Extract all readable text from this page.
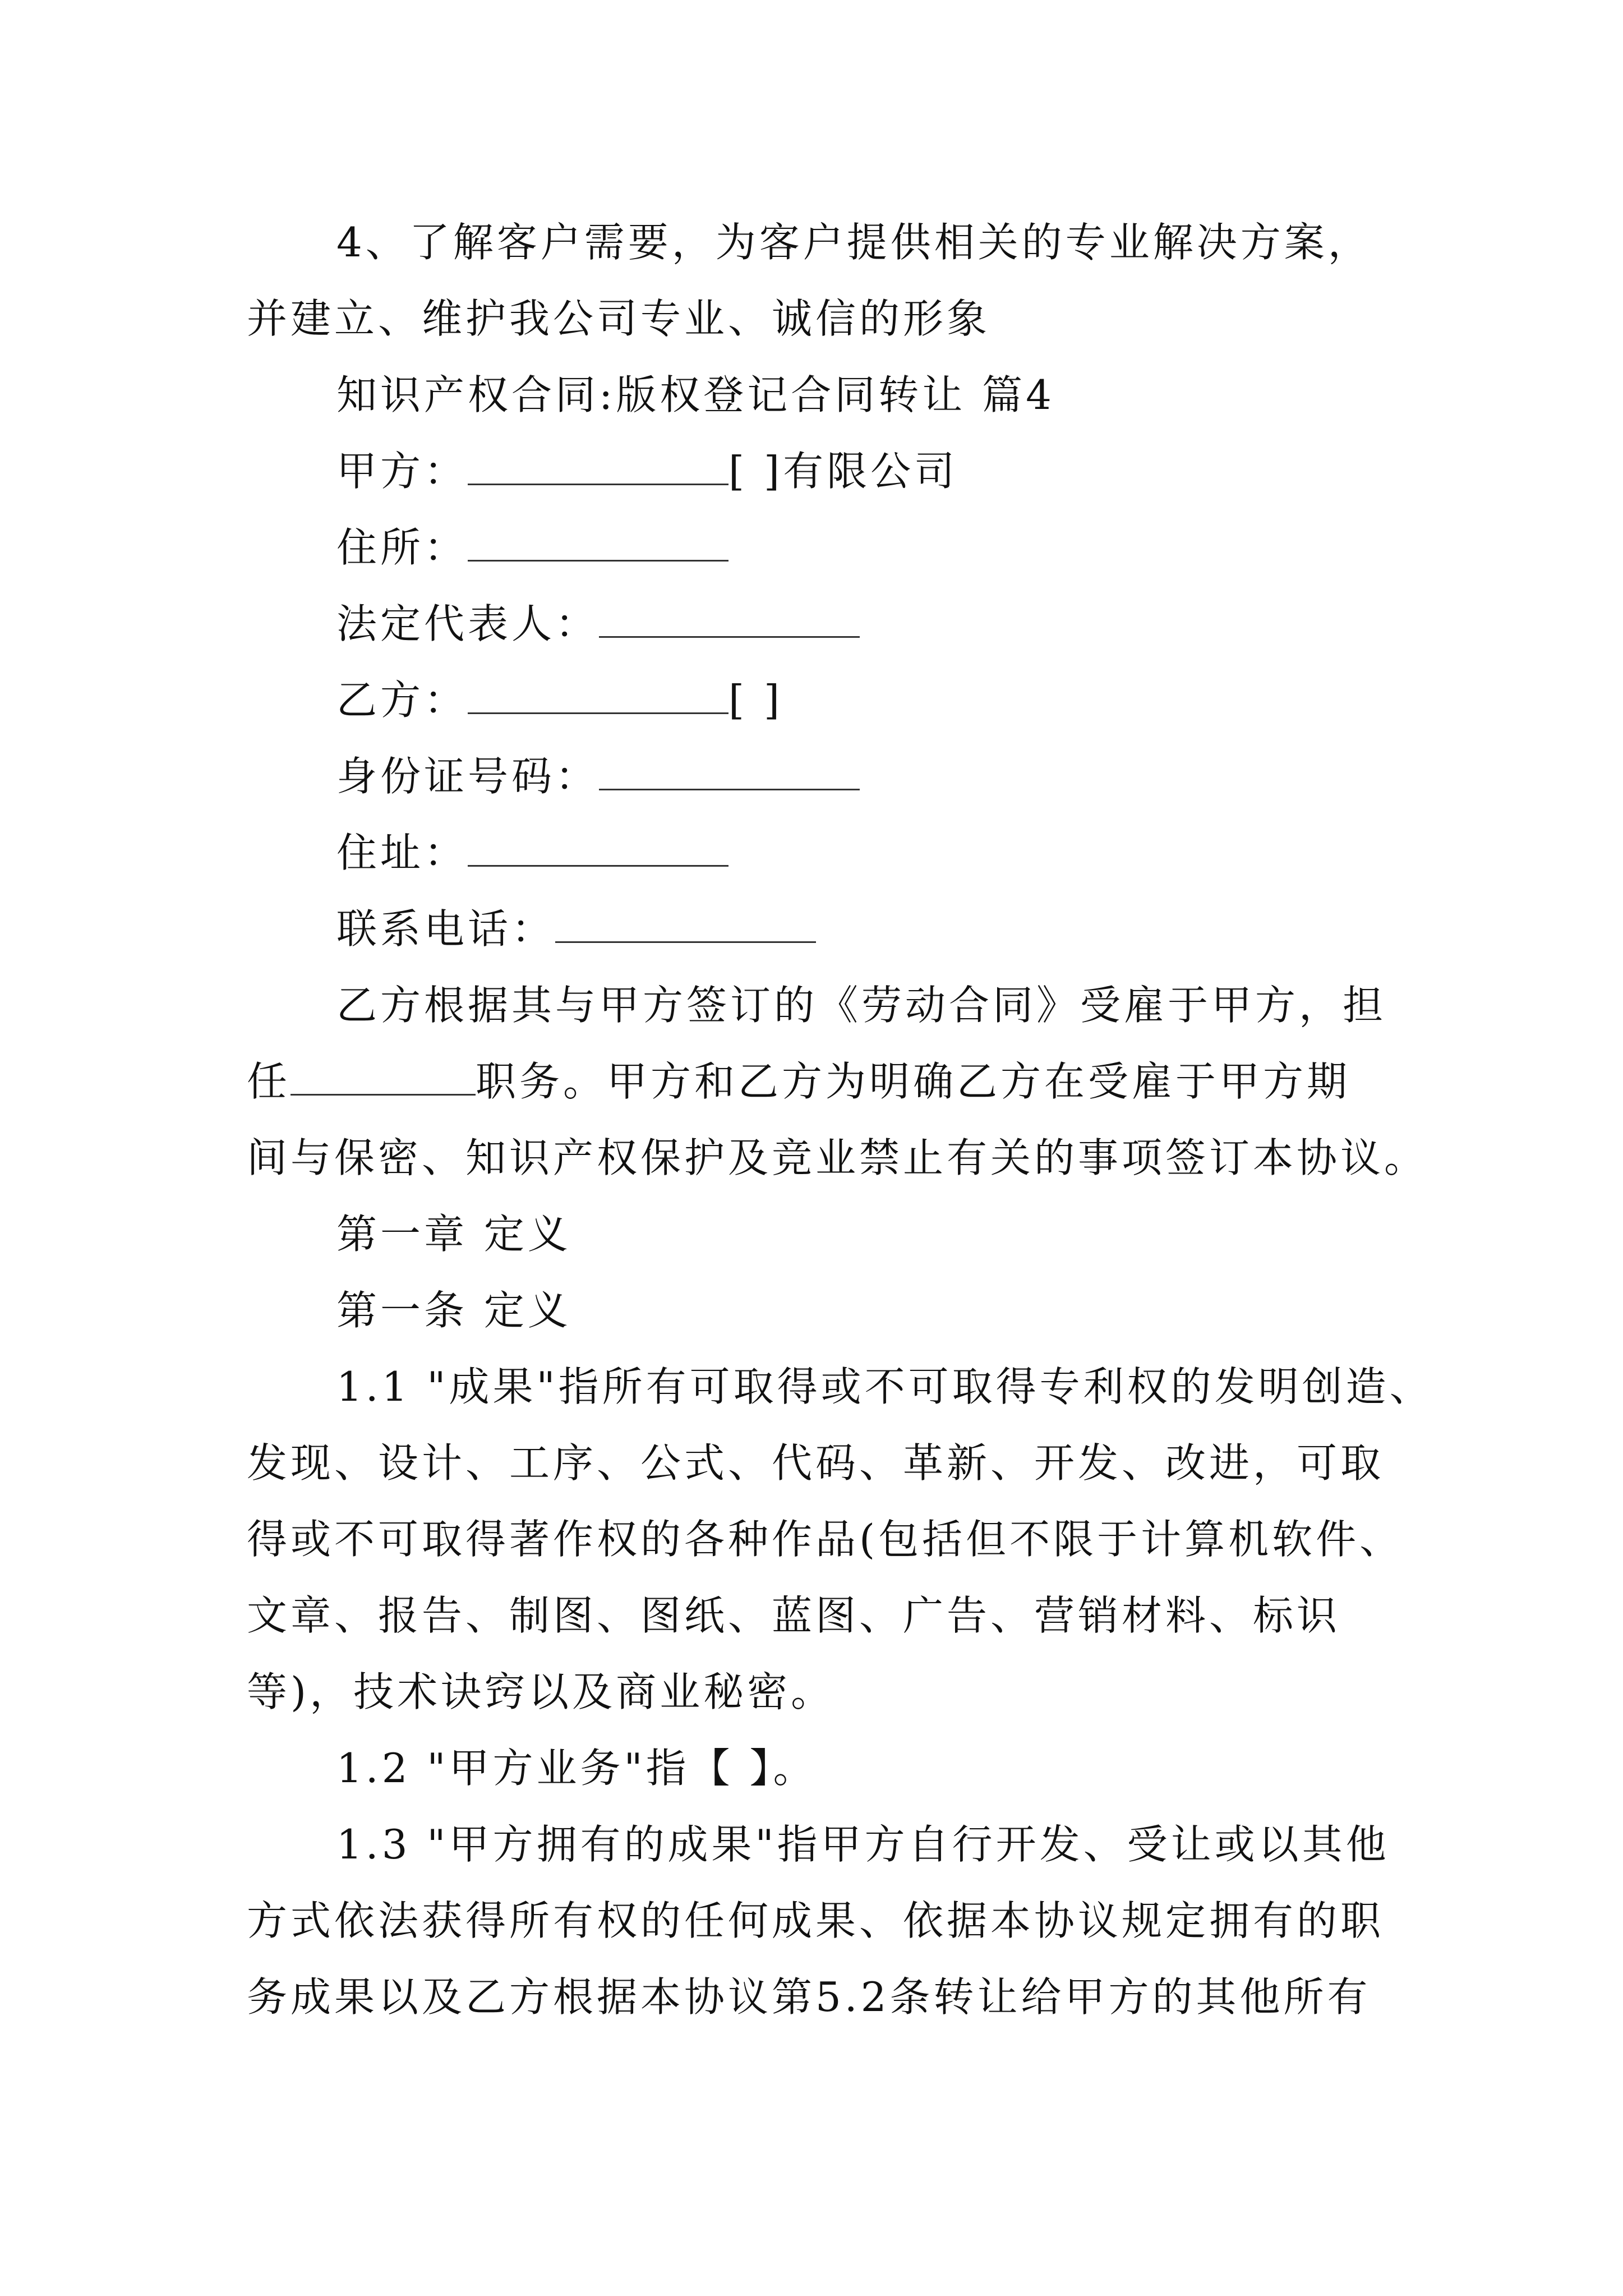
4、了解客户需要，为客户提供相关的专业解决方案，
并建立、维护我公司专业、诚信的形象
知识产权合同:版权登记合同转让 篇4
甲方：	[ ]有限公司
住所：
法定代表人：
乙方：	[ ]
身份证号码：
住址：
联系电话：
乙方根据其与甲方签订的《劳动合同》受雇于甲方，担
任	职务。甲方和乙方为明确乙方在受雇于甲方期
间与保密、知识产权保护及竞业禁止有关的事项签订本协议。
第一章 定义
第一条 定义
1.1 "成果"指所有可取得或不可取得专利权的发明创造、
发现、设计、工序、公式、代码、革新、开发、改进，可取
得或不可取得著作权的各种作品(包括但不限于计算机软件、
文章、报告、制图、图纸、蓝图、广告、营销材料、标识
等)，技术诀窍以及商业秘密。
1.2 "甲方业务"指【 】。
1.3 "甲方拥有的成果"指甲方自行开发、受让或以其他
方式依法获得所有权的任何成果、依据本协议规定拥有的职
务成果以及乙方根据本协议第5.2条转让给甲方的其他所有
